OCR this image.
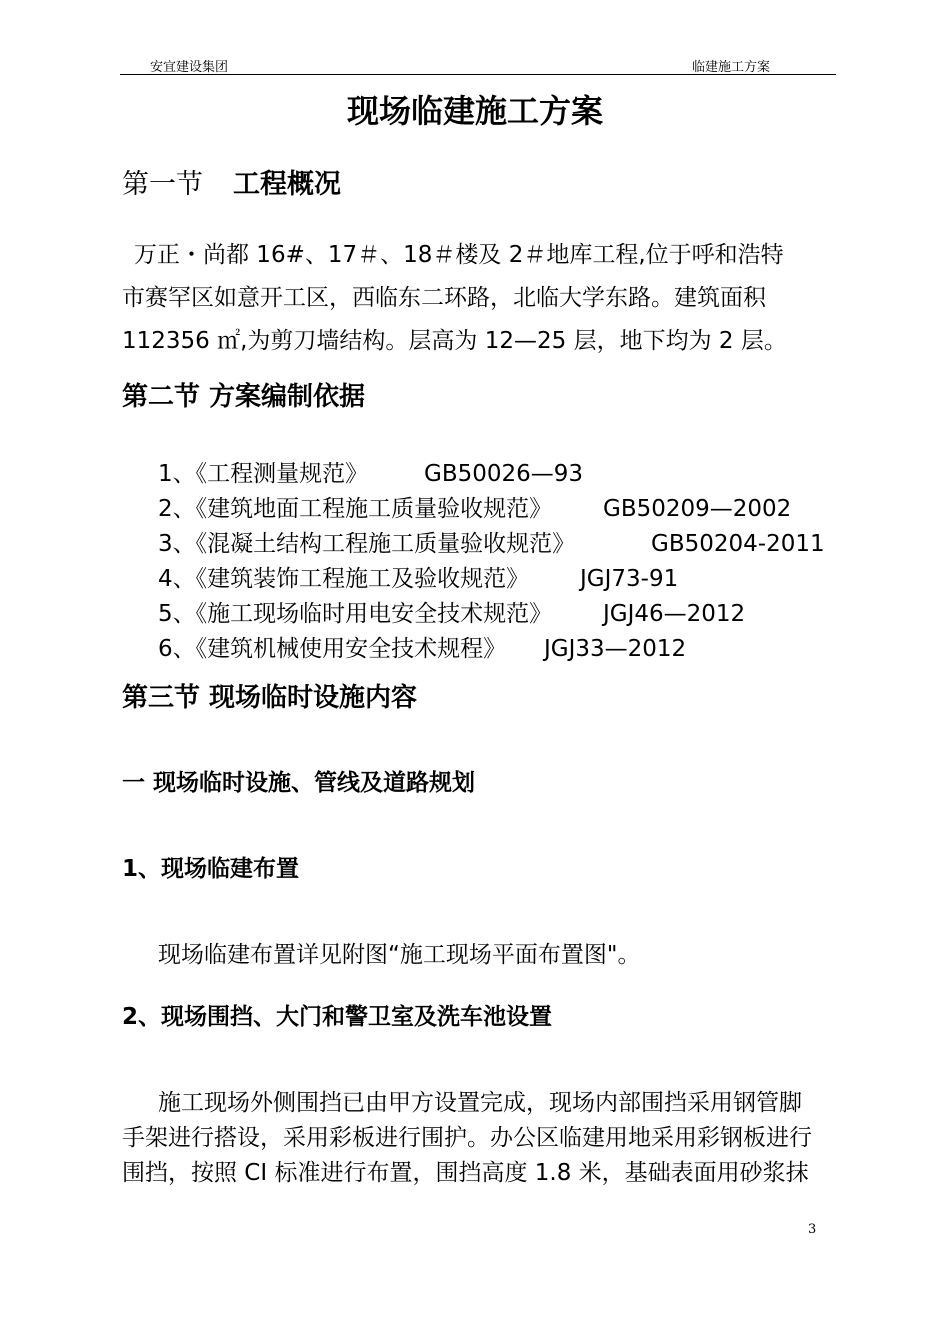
安宜建设集团	临建施工方案
现场临建施工方案
第一节 工程概况
万正・尚都 16#、17＃、18＃楼及 2＃地库工程,位于呼和浩特
市赛罕区如意开工区，西临东二环路，北临大学东路。建筑面积
112356 ㎡,为剪刀墙结构。层高为 12—25 层，地下均为 2 层。
第二节 方案编制依据
1、《工程测量规范》 GB50026—93
2、《建筑地面工程施工质量验收规范》 GB50209—2002
3、《混凝土结构工程施工质量验收规范》	GB50204-2011
4、《建筑装饰工程施工及验收规范》 JGJ73-91
5、《施工现场临时用电安全技术规范》 JGJ46—2012
6、《建筑机械使用安全技术规程》 JGJ33—2012
第三节 现场临时设施内容
一 现场临时设施、管线及道路规划
1、现场临建布置
现场临建布置详见附图“施工现场平面布置图"。
2、现场围挡、大门和警卫室及洗车池设置
施工现场外侧围挡已由甲方设置完成，现场内部围挡采用钢管脚
手架进行搭设，采用彩板进行围护。办公区临建用地采用彩钢板进行
围挡，按照 CI 标准进行布置，围挡高度 1.8 米，基础表面用砂浆抹
3
